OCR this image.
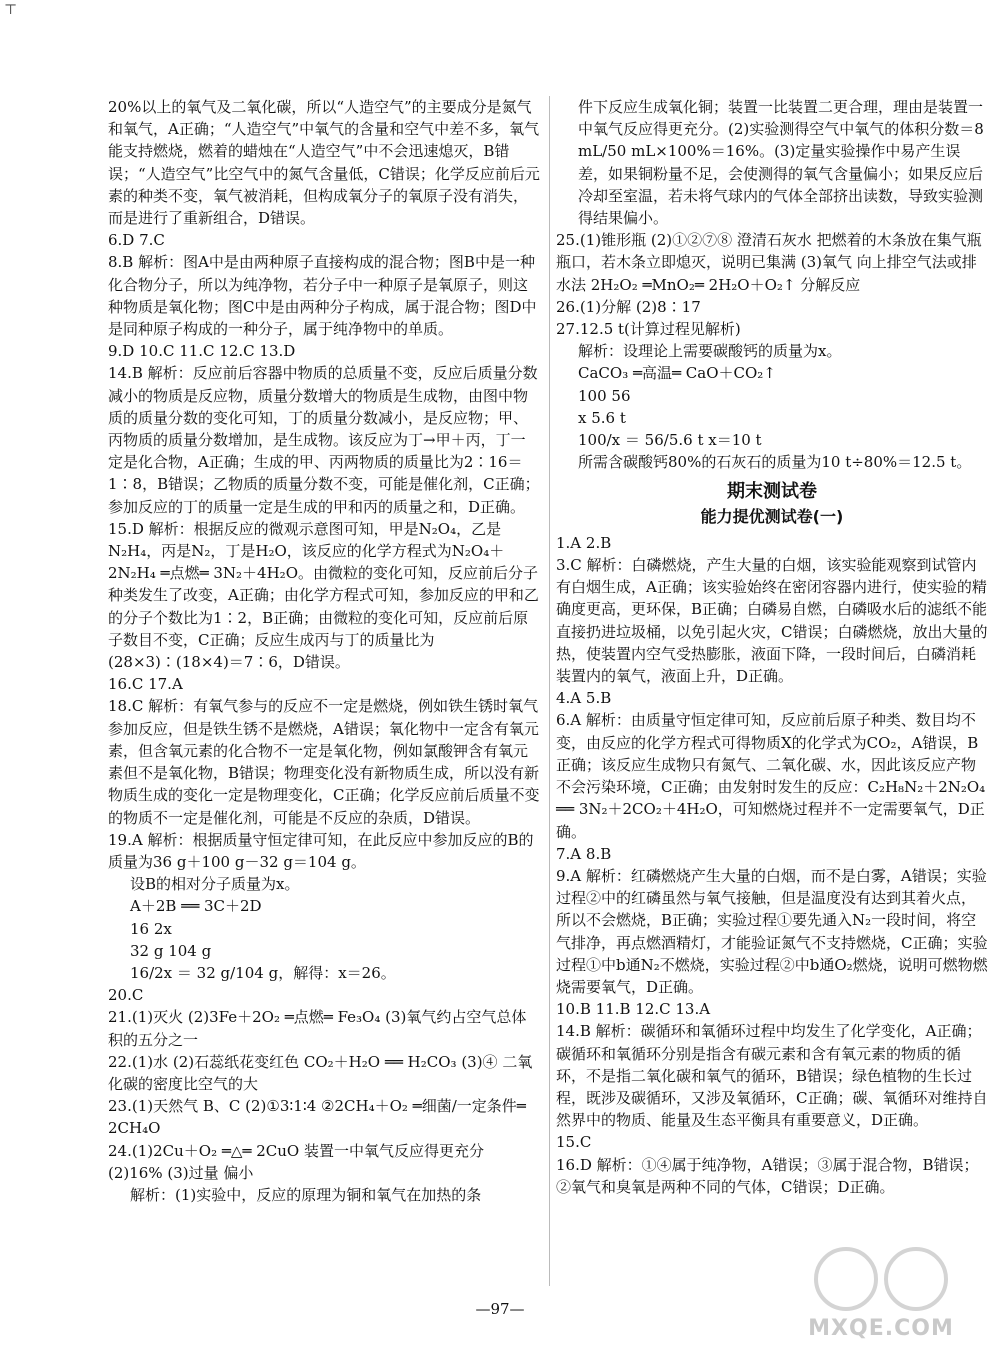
⊤

20%以上的氧气及二氧化碳，所以“人造空气”的主要成分是氮气和氧气，A正确；“人造空气”中氧气的含量和空气中差不多，氧气能支持燃烧，燃着的蜡烛在“人造空气”中不会迅速熄灭，B错误；“人造空气”比空气中的氮气含量低，C错误；化学反应前后元素的种类不变，氧气被消耗，但构成氧分子的氧原子没有消失，而是进行了重新组合，D错误。

6.D 7.C

8.B 解析：图A中是由两种原子直接构成的混合物；图B中是一种化合物分子，所以为纯净物，若分子中一种原子是氧原子，则这种物质是氧化物；图C中是由两种分子构成，属于混合物；图D中是同种原子构成的一种分子，属于纯净物中的单质。

9.D 10.C 11.C 12.C 13.D

14.B 解析：反应前后容器中物质的总质量不变，反应后质量分数减小的物质是反应物，质量分数增大的物质是生成物，由图中物质的质量分数的变化可知，丁的质量分数减小，是反应物；甲、丙物质的质量分数增加，是生成物。该反应为丁→甲＋丙，丁一定是化合物，A正确；生成的甲、丙两物质的质量比为2∶16＝1∶8，B错误；乙物质的质量分数不变，可能是催化剂，C正确；参加反应的丁的质量一定是生成的甲和丙的质量之和，D正确。

15.D 解析：根据反应的微观示意图可知，甲是N₂O₄，乙是N₂H₄，丙是N₂，丁是H₂O，该反应的化学方程式为N₂O₄＋2N₂H₄ ═点燃═ 3N₂＋4H₂O。由微粒的变化可知，反应前后分子种类发生了改变，A正确；由化学方程式可知，参加反应的甲和乙的分子个数比为1∶2，B正确；由微粒的变化可知，反应前后原子数目不变，C正确；反应生成丙与丁的质量比为(28×3)∶(18×4)＝7∶6，D错误。

16.C 17.A

18.C 解析：有氧气参与的反应不一定是燃烧，例如铁生锈时氧气参加反应，但是铁生锈不是燃烧，A错误；氧化物中一定含有氧元素，但含氧元素的化合物不一定是氧化物，例如氯酸钾含有氧元素但不是氧化物，B错误；物理变化没有新物质生成，所以没有新物质生成的变化一定是物理变化，C正确；化学反应前后质量不变的物质不一定是催化剂，可能是不反应的杂质，D错误。

19.A 解析：根据质量守恒定律可知，在此反应中参加反应的B的质量为36 g＋100 g－32 g＝104 g。

设B的相对分子质量为x。

A＋2B ══ 3C＋2D

16 2x

32 g 104 g

16/2x ＝ 32 g/104 g，解得：x＝26。

20.C

21.(1)灭火 (2)3Fe＋2O₂ ═点燃═ Fe₃O₄ (3)氧气约占空气总体积的五分之一

22.(1)水 (2)石蕊纸花变红色 CO₂＋H₂O ══ H₂CO₃ (3)④ 二氧化碳的密度比空气的大

23.(1)天然气 B、C (2)①3∶1∶4 ②2CH₄＋O₂ ═细菌/一定条件═ 2CH₄O

24.(1)2Cu＋O₂ ═△═ 2CuO 装置一中氧气反应得更充分 (2)16% (3)过量 偏小

解析：(1)实验中，反应的原理为铜和氧气在加热的条

件下反应生成氧化铜；装置一比装置二更合理，理由是装置一中氧气反应得更充分。(2)实验测得空气中氧气的体积分数＝8 mL/50 mL×100%＝16%。(3)定量实验操作中易产生误差，如果铜粉量不足，会使测得的氧气含量偏小；如果反应后冷却至室温，若未将气球内的气体全部挤出读数，导致实验测得结果偏小。

25.(1)锥形瓶 (2)①②⑦⑧ 澄清石灰水 把燃着的木条放在集气瓶瓶口，若木条立即熄灭，说明已集满 (3)氧气 向上排空气法或排水法 2H₂O₂ ═MnO₂═ 2H₂O＋O₂↑ 分解反应

26.(1)分解 (2)8∶17

27.12.5 t(计算过程见解析)

解析：设理论上需要碳酸钙的质量为x。

CaCO₃ ═高温═ CaO＋CO₂↑

100 56

x 5.6 t

100/x ＝ 56/5.6 t x＝10 t

所需含碳酸钙80%的石灰石的质量为10 t÷80%＝12.5 t。

期末测试卷
能力提优测试卷(一)

1.A 2.B

3.C 解析：白磷燃烧，产生大量的白烟，该实验能观察到试管内有白烟生成，A正确；该实验始终在密闭容器内进行，使实验的精确度更高，更环保，B正确；白磷易自燃，白磷吸水后的滤纸不能直接扔进垃圾桶，以免引起火灾，C错误；白磷燃烧，放出大量的热，使装置内空气受热膨胀，液面下降，一段时间后，白磷消耗装置内的氧气，液面上升，D正确。

4.A 5.B

6.A 解析：由质量守恒定律可知，反应前后原子种类、数目均不变，由反应的化学方程式可得物质X的化学式为CO₂，A错误，B正确；该反应生成物只有氮气、二氧化碳、水，因此该反应产物不会污染环境，C正确；由发射时发生的反应：C₂H₈N₂＋2N₂O₄ ══ 3N₂＋2CO₂＋4H₂O，可知燃烧过程并不一定需要氧气，D正确。

7.A 8.B

9.A 解析：红磷燃烧产生大量的白烟，而不是白雾，A错误；实验过程②中的红磷虽然与氧气接触，但是温度没有达到其着火点，所以不会燃烧，B正确；实验过程①要先通入N₂一段时间，将空气排净，再点燃酒精灯，才能验证氮气不支持燃烧，C正确；实验过程①中b通N₂不燃烧，实验过程②中b通O₂燃烧，说明可燃物燃烧需要氧气，D正确。

10.B 11.B 12.C 13.A

14.B 解析：碳循环和氧循环过程中均发生了化学变化，A正确；碳循环和氧循环分别是指含有碳元素和含有氧元素的物质的循环，不是指二氧化碳和氧气的循环，B错误；绿色植物的生长过程，既涉及碳循环，又涉及氧循环，C正确；碳、氧循环对维持自然界中的物质、能量及生态平衡具有重要意义，D正确。

15.C

16.D 解析：①④属于纯净物，A错误；③属于混合物，B错误；②氧气和臭氧是两种不同的气体，C错误；D正确。

—97—
MXQE.COM
